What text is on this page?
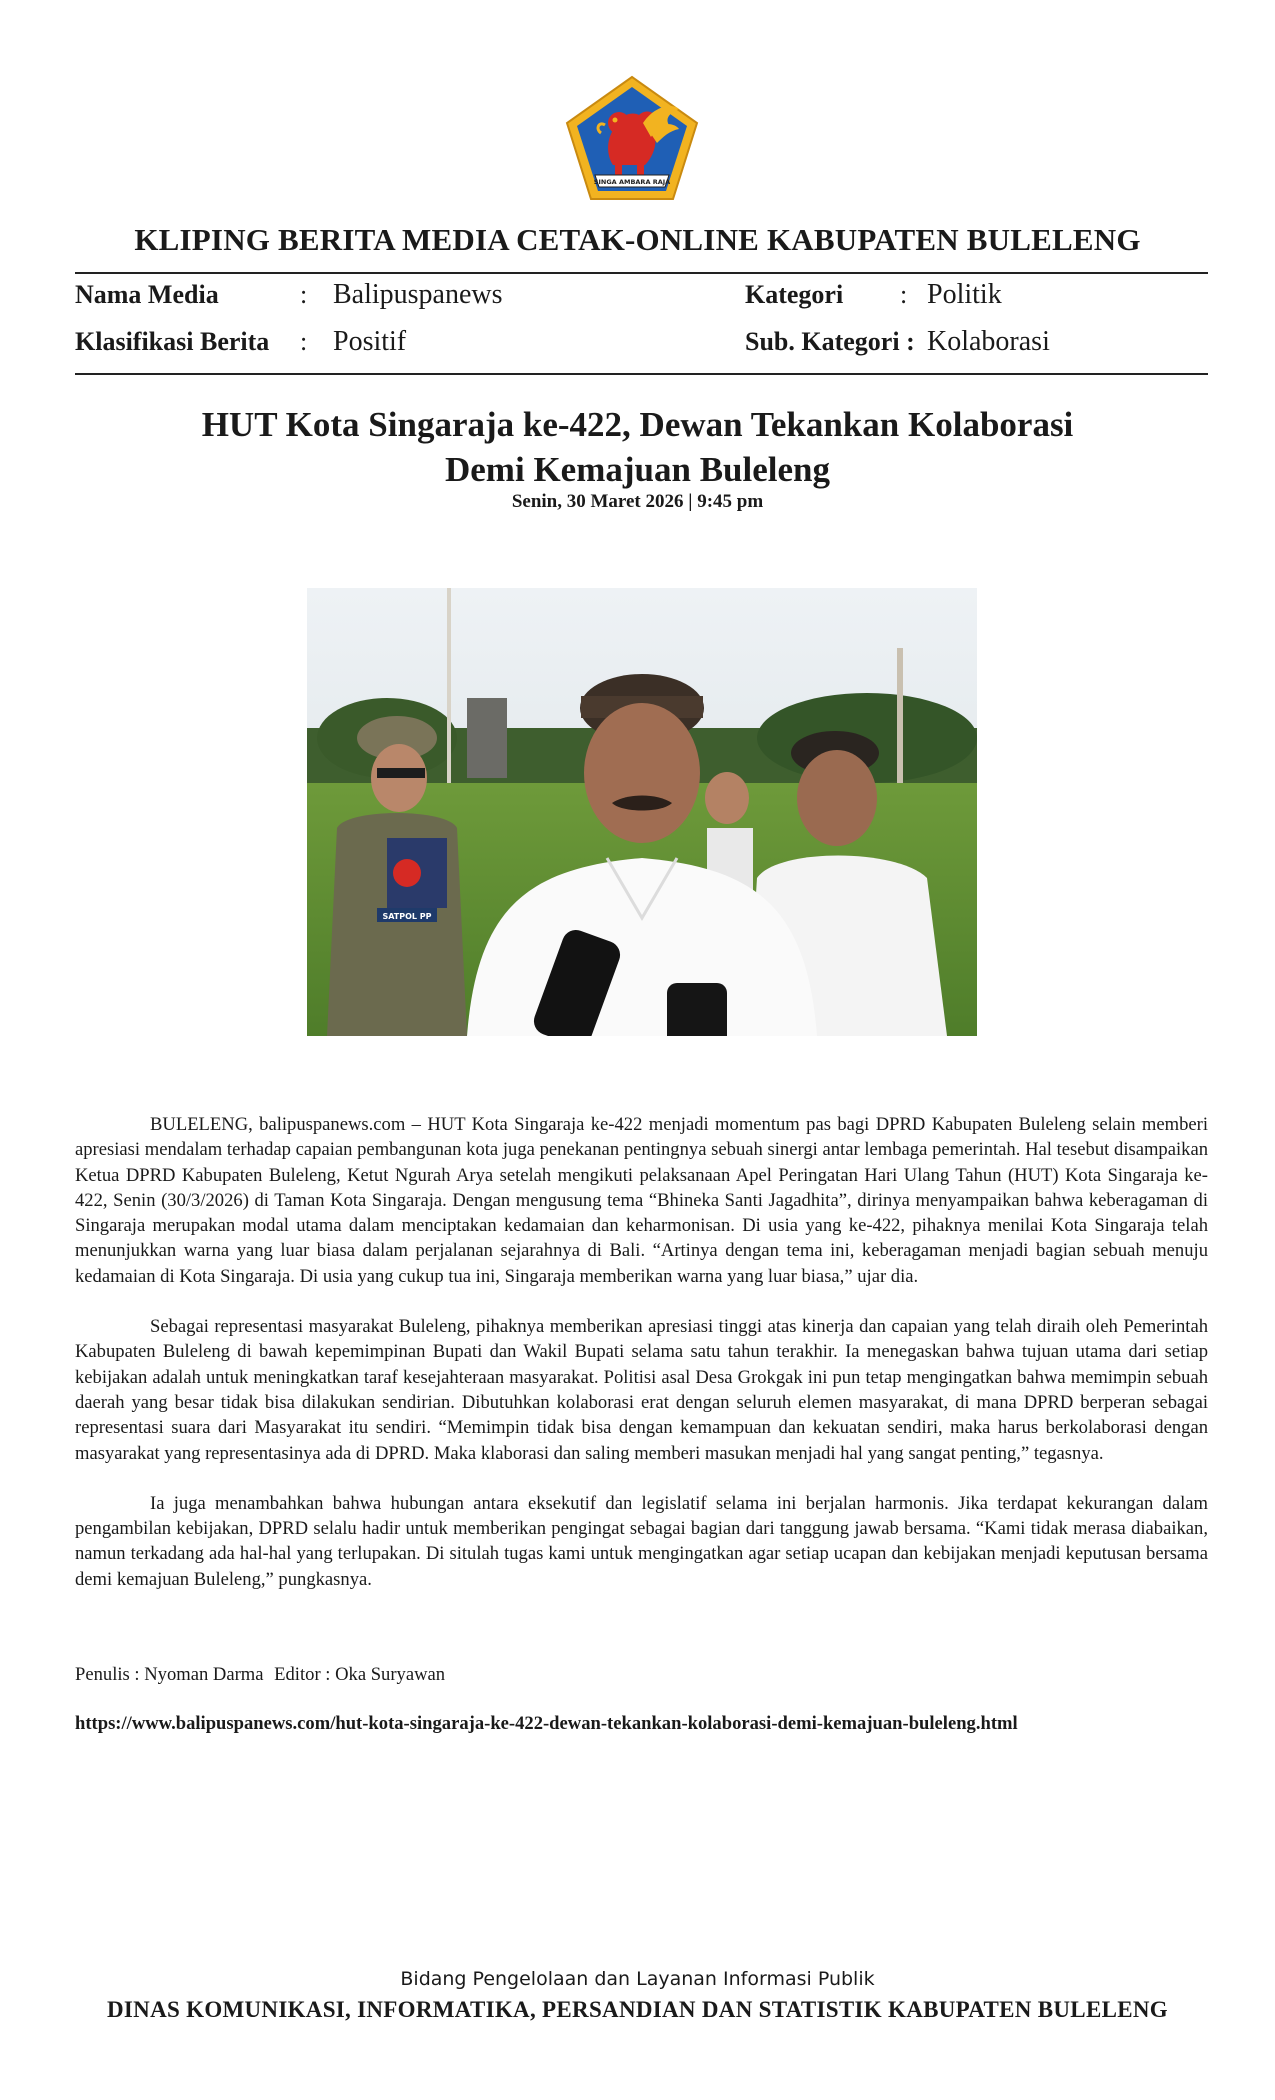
SINGA AMBARA RAJA
KLIPING BERITA MEDIA CETAK-ONLINE KABUPATEN BULELENG
Nama Media	: Balipuspanews	Kategori : Politik
Klasifikasi Berita : Positif	Sub. Kategori : Kolaborasi
HUT Kota Singaraja ke-422, Dewan Tekankan Kolaborasi
Demi Kemajuan Buleleng
Senin, 30 Maret 2026 | 9:45 pm
SATPOL PP

BULELENG, balipuspanews.com – HUT Kota Singaraja ke-422 menjadi momentum pas bagi DPRD Kabupaten Buleleng selain memberi apresiasi mendalam terhadap capaian pembangunan kota juga penekanan pentingnya sebuah sinergi antar lembaga pemerintah. Hal tesebut disampaikan Ketua DPRD Kabupaten Buleleng, Ketut Ngurah Arya setelah mengikuti pelaksanaan Apel Peringatan Hari Ulang Tahun (HUT) Kota Singaraja ke-422, Senin (30/3/2026) di Taman Kota Singaraja. Dengan mengusung tema “Bhineka Santi Jagadhita”, dirinya menyampaikan bahwa keberagaman di Singaraja merupakan modal utama dalam menciptakan kedamaian dan keharmonisan. Di usia yang ke-422, pihaknya menilai Kota Singaraja telah menunjukkan warna yang luar biasa dalam perjalanan sejarahnya di Bali. “Artinya dengan tema ini, keberagaman menjadi bagian sebuah menuju kedamaian di Kota Singaraja. Di usia yang cukup tua ini, Singaraja memberikan warna yang luar biasa,” ujar dia.

Sebagai representasi masyarakat Buleleng, pihaknya memberikan apresiasi tinggi atas kinerja dan capaian yang telah diraih oleh Pemerintah Kabupaten Buleleng di bawah kepemimpinan Bupati dan Wakil Bupati selama satu tahun terakhir. Ia menegaskan bahwa tujuan utama dari setiap kebijakan adalah untuk meningkatkan taraf kesejahteraan masyarakat. Politisi asal Desa Grokgak ini pun tetap mengingatkan bahwa memimpin sebuah daerah yang besar tidak bisa dilakukan sendirian. Dibutuhkan kolaborasi erat dengan seluruh elemen masyarakat, di mana DPRD berperan sebagai representasi suara dari Masyarakat itu sendiri. “Memimpin tidak bisa dengan kemampuan dan kekuatan sendiri, maka harus berkolaborasi dengan masyarakat yang representasinya ada di DPRD. Maka klaborasi dan saling memberi masukan menjadi hal yang sangat penting,” tegasnya.

Ia juga menambahkan bahwa hubungan antara eksekutif dan legislatif selama ini berjalan harmonis. Jika terdapat kekurangan dalam pengambilan kebijakan, DPRD selalu hadir untuk memberikan pengingat sebagai bagian dari tanggung jawab bersama. “Kami tidak merasa diabaikan, namun terkadang ada hal-hal yang terlupakan. Di situlah tugas kami untuk mengingatkan agar setiap ucapan dan kebijakan menjadi keputusan bersama demi kemajuan Buleleng,” pungkasnya.

Penulis : Nyoman Darma Editor : Oka Suryawan
https://www.balipuspanews.com/hut-kota-singaraja-ke-422-dewan-tekankan-kolaborasi-demi-kemajuan-buleleng.html
Bidang Pengelolaan dan Layanan Informasi Publik
DINAS KOMUNIKASI, INFORMATIKA, PERSANDIAN DAN STATISTIK KABUPATEN BULELENG
